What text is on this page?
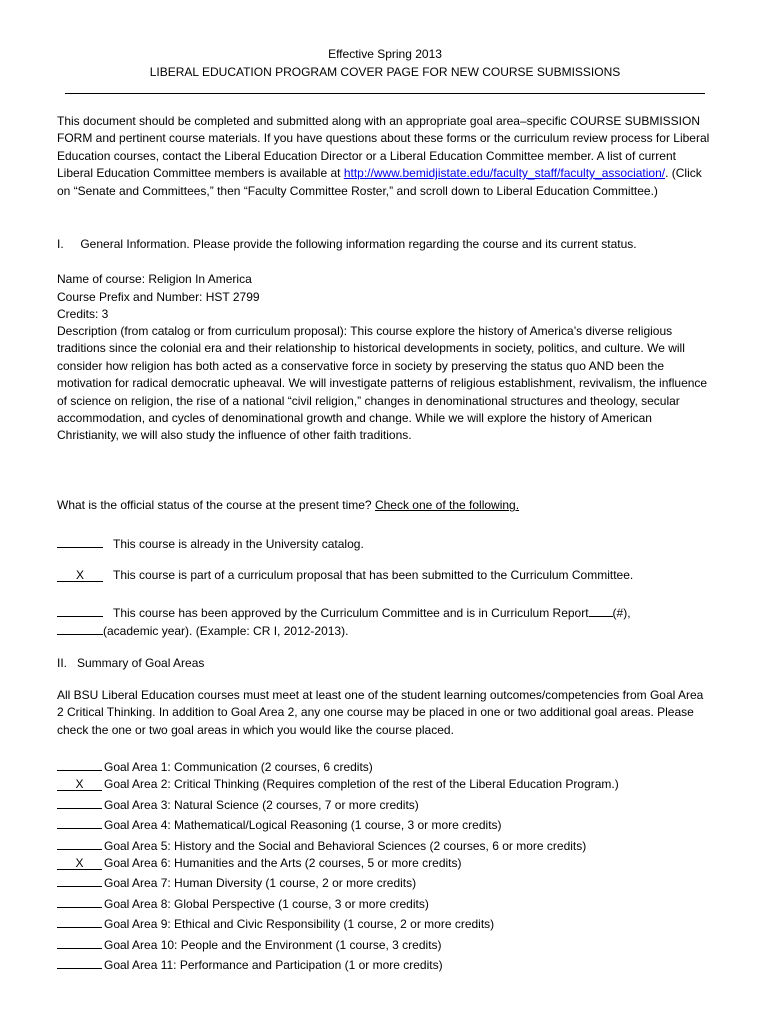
Effective Spring 2013
LIBERAL EDUCATION PROGRAM COVER PAGE FOR NEW COURSE SUBMISSIONS
This document should be completed and submitted along with an appropriate goal area–specific COURSE SUBMISSION FORM and pertinent course materials. If you have questions about these forms or the curriculum review process for Liberal Education courses, contact the Liberal Education Director or a Liberal Education Committee member. A list of current Liberal Education Committee members is available at http://www.bemidjistate.edu/faculty_staff/faculty_association/. (Click on “Senate and Committees,” then “Faculty Committee Roster,” and scroll down to Liberal Education Committee.)
I.     General Information. Please provide the following information regarding the course and its current status.
Name of course: Religion In America
Course Prefix and Number: HST 2799
Credits: 3
Description (from catalog or from curriculum proposal): This course explore the history of America’s diverse religious traditions since the colonial era and their relationship to historical developments in society, politics, and culture. We will consider how religion has both acted as a conservative force in society by preserving the status quo AND been the motivation for radical democratic upheaval. We will investigate patterns of religious establishment, revivalism, the influence of science on religion, the rise of a national “civil religion,” changes in denominational structures and theology, secular accommodation, and cycles of denominational growth and change. While we will explore the history of American Christianity, we will also study the influence of other faith traditions.
What is the official status of the course at the present time? Check one of the following.
This course is already in the University catalog.
X This course is part of a curriculum proposal that has been submitted to the Curriculum Committee.
This course has been approved by the Curriculum Committee and is in Curriculum Report (#),
(academic year). (Example: CR I, 2012-2013).
II.   Summary of Goal Areas
All BSU Liberal Education courses must meet at least one of the student learning outcomes/competencies from Goal Area 2 Critical Thinking. In addition to Goal Area 2, any one course may be placed in one or two additional goal areas. Please check the one or two goal areas in which you would like the course placed.
Goal Area 1: Communication (2 courses, 6 credits)
X Goal Area 2: Critical Thinking (Requires completion of the rest of the Liberal Education Program.)
Goal Area 3: Natural Science (2 courses, 7 or more credits)
Goal Area 4: Mathematical/Logical Reasoning (1 course, 3 or more credits)
Goal Area 5: History and the Social and Behavioral Sciences (2 courses, 6 or more credits)
X Goal Area 6: Humanities and the Arts (2 courses, 5 or more credits)
Goal Area 7: Human Diversity (1 course, 2 or more credits)
Goal Area 8: Global Perspective (1 course, 3 or more credits)
Goal Area 9: Ethical and Civic Responsibility (1 course, 2 or more credits)
Goal Area 10: People and the Environment (1 course, 3 credits)
Goal Area 11: Performance and Participation (1 or more credits)
